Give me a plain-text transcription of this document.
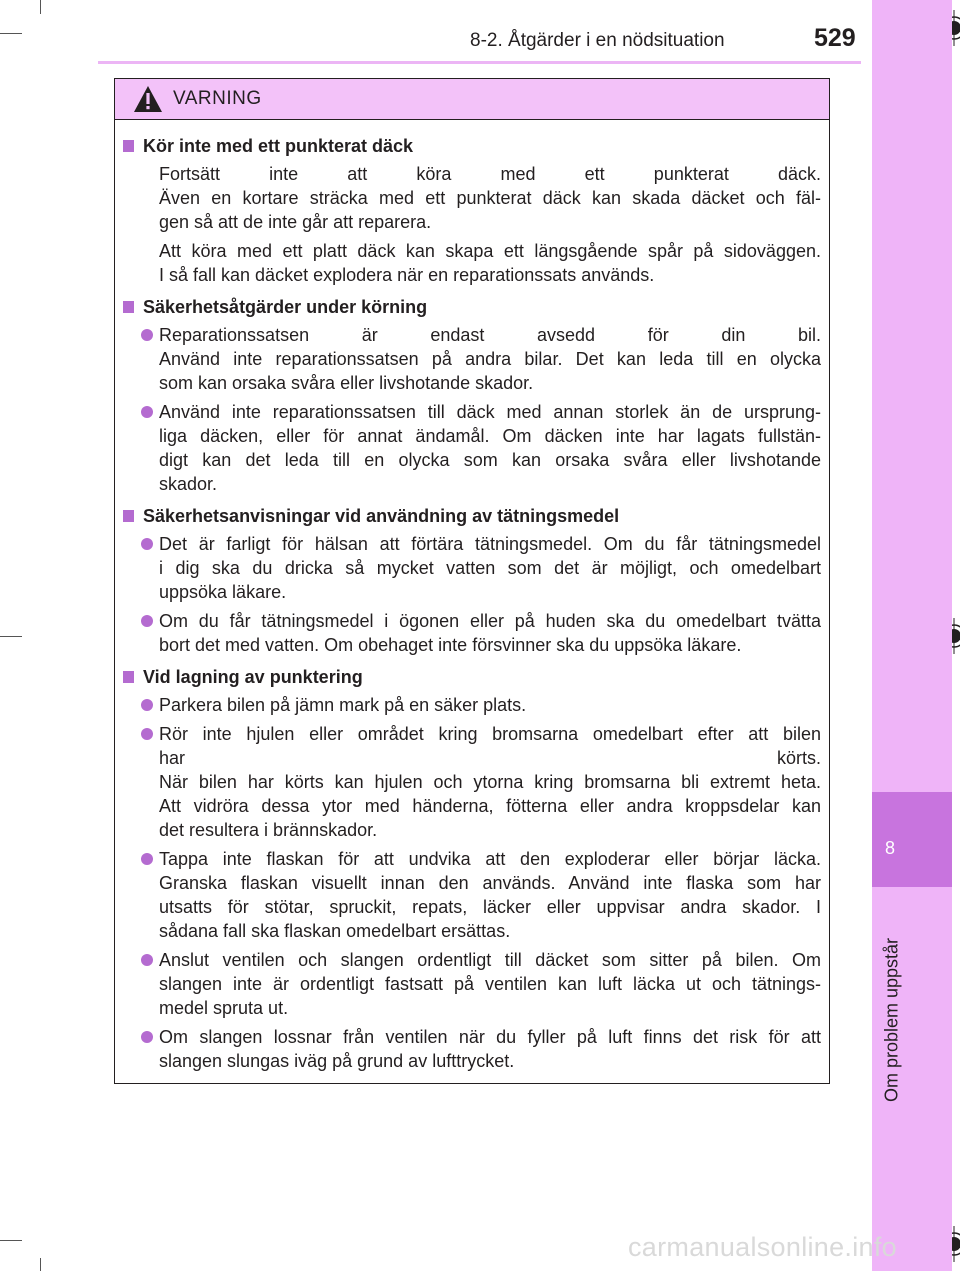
8-2. Åtgärder i en nödsituation	529
8
Om problem uppstår
VARNING
Kör inte med ett punkterat däck
Fortsätt inte att köra med ett punkterat däck.
Även en kortare sträcka med ett punkterat däck kan skada däcket och fäl-
gen så att de inte går att reparera.
Att köra med ett platt däck kan skapa ett längsgående spår på sidoväggen.
I så fall kan däcket explodera när en reparationssats används.
Säkerhetsåtgärder under körning
Reparationssatsen är endast avsedd för din bil.
Använd inte reparationssatsen på andra bilar. Det kan leda till en olycka
som kan orsaka svåra eller livshotande skador.
Använd inte reparationssatsen till däck med annan storlek än de ursprung-
liga däcken, eller för annat ändamål. Om däcken inte har lagats fullstän-
digt kan det leda till en olycka som kan orsaka svåra eller livshotande
skador.
Säkerhetsanvisningar vid användning av tätningsmedel
Det är farligt för hälsan att förtära tätningsmedel. Om du får tätningsmedel
i dig ska du dricka så mycket vatten som det är möjligt, och omedelbart
uppsöka läkare.
Om du får tätningsmedel i ögonen eller på huden ska du omedelbart tvätta
bort det med vatten. Om obehaget inte försvinner ska du uppsöka läkare.
Vid lagning av punktering
Parkera bilen på jämn mark på en säker plats.
Rör inte hjulen eller området kring bromsarna omedelbart efter att bilen
har körts.
När bilen har körts kan hjulen och ytorna kring bromsarna bli extremt heta.
Att vidröra dessa ytor med händerna, fötterna eller andra kroppsdelar kan
det resultera i brännskador.
Tappa inte flaskan för att undvika att den exploderar eller börjar läcka.
Granska flaskan visuellt innan den används. Använd inte flaska som har
utsatts för stötar, spruckit, repats, läcker eller uppvisar andra skador. I
sådana fall ska flaskan omedelbart ersättas.
Anslut ventilen och slangen ordentligt till däcket som sitter på bilen. Om
slangen inte är ordentligt fastsatt på ventilen kan luft läcka ut och tätnings-
medel spruta ut.
Om slangen lossnar från ventilen när du fyller på luft finns det risk för att
slangen slungas iväg på grund av lufttrycket.
carmanualsonline.info
